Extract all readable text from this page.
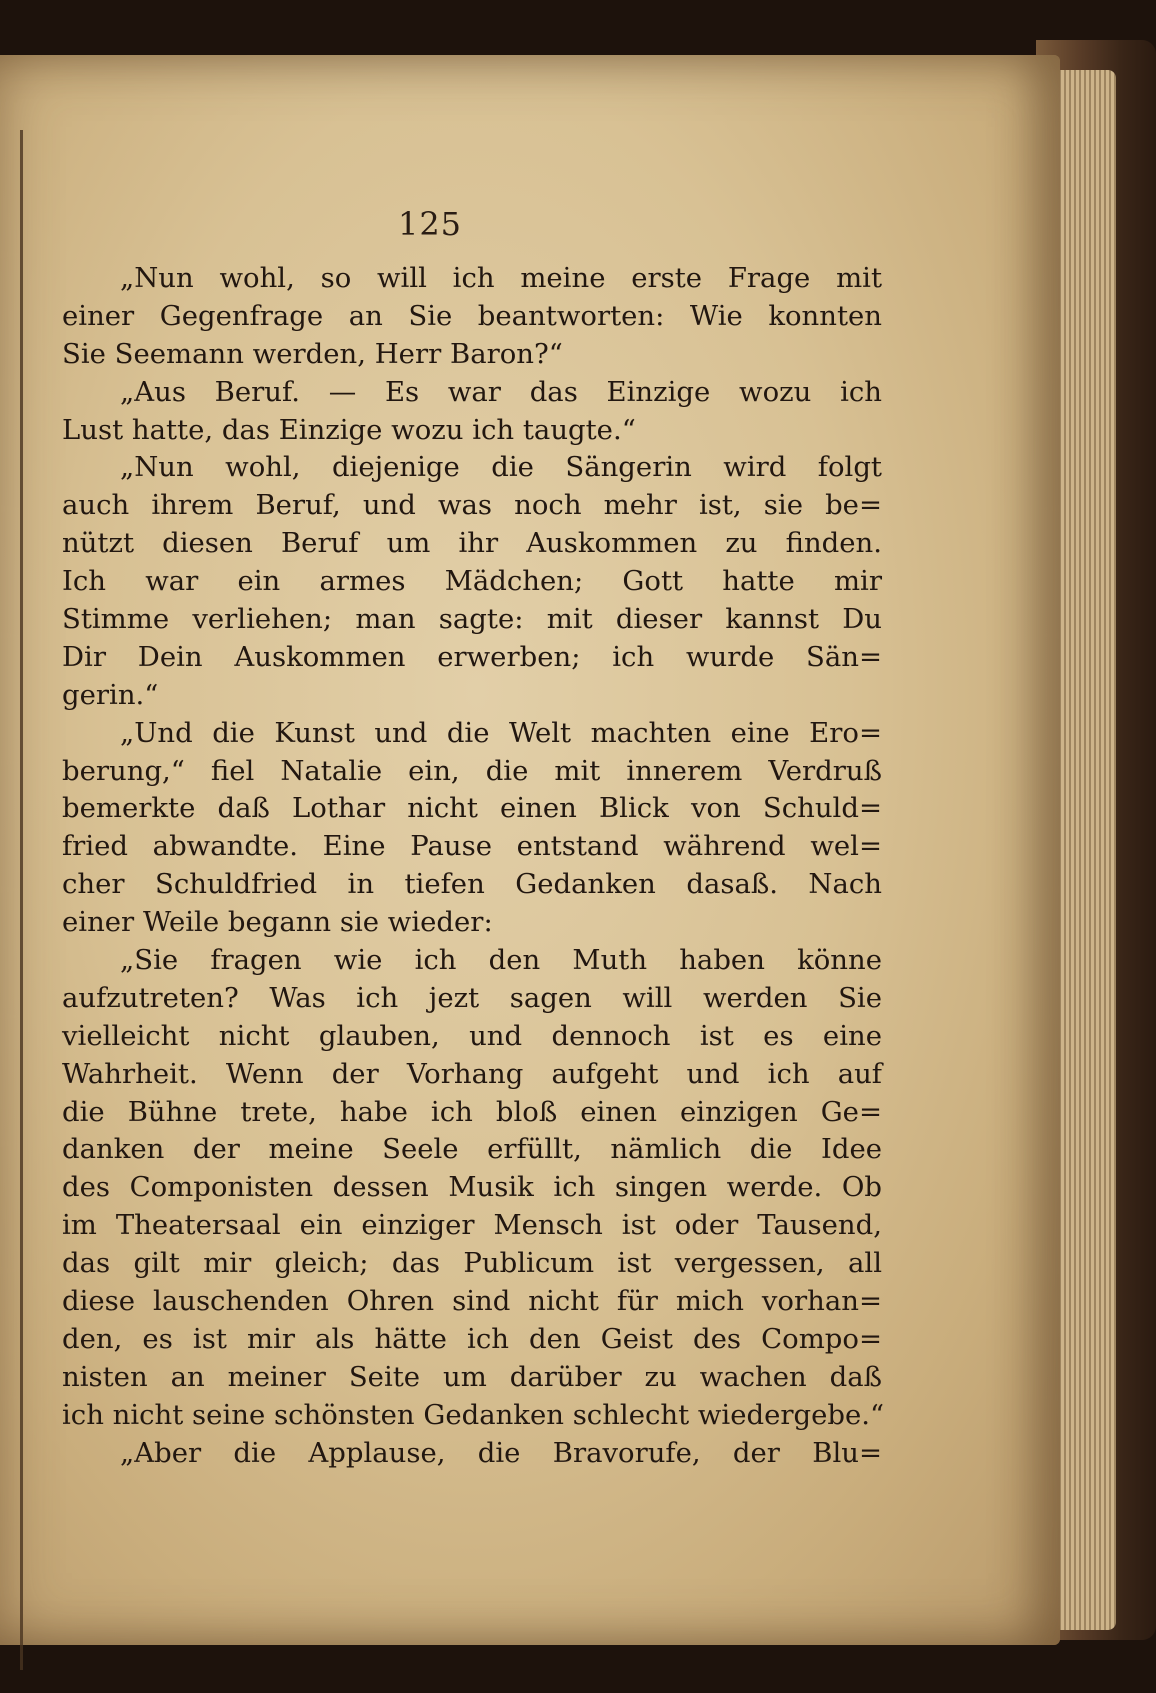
125
„Nun wohl, so will ich meine erste Frage mit
einer Gegenfrage an Sie beantworten: Wie konnten
Sie Seemann werden, Herr Baron?“
„Aus Beruf. — Es war das Einzige wozu ich
Lust hatte, das Einzige wozu ich taugte.“
„Nun wohl, diejenige die Sängerin wird folgt
auch ihrem Beruf, und was noch mehr ist, sie be=
nützt diesen Beruf um ihr Auskommen zu finden.
Ich war ein armes Mädchen; Gott hatte mir
Stimme verliehen; man sagte: mit dieser kannst Du
Dir Dein Auskommen erwerben; ich wurde Sän=
gerin.“
„Und die Kunst und die Welt machten eine Ero=
berung,“ fiel Natalie ein, die mit innerem Verdruß
bemerkte daß Lothar nicht einen Blick von Schuld=
fried abwandte. Eine Pause entstand während wel=
cher Schuldfried in tiefen Gedanken dasaß. Nach
einer Weile begann sie wieder:
„Sie fragen wie ich den Muth haben könne
aufzutreten? Was ich jezt sagen will werden Sie
vielleicht nicht glauben, und dennoch ist es eine
Wahrheit. Wenn der Vorhang aufgeht und ich auf
die Bühne trete, habe ich bloß einen einzigen Ge=
danken der meine Seele erfüllt, nämlich die Idee
des Componisten dessen Musik ich singen werde. Ob
im Theatersaal ein einziger Mensch ist oder Tausend,
das gilt mir gleich; das Publicum ist vergessen, all
diese lauschenden Ohren sind nicht für mich vorhan=
den, es ist mir als hätte ich den Geist des Compo=
nisten an meiner Seite um darüber zu wachen daß
ich nicht seine schönsten Gedanken schlecht wiedergebe.“
„Aber die Applause, die Bravorufe, der Blu=
